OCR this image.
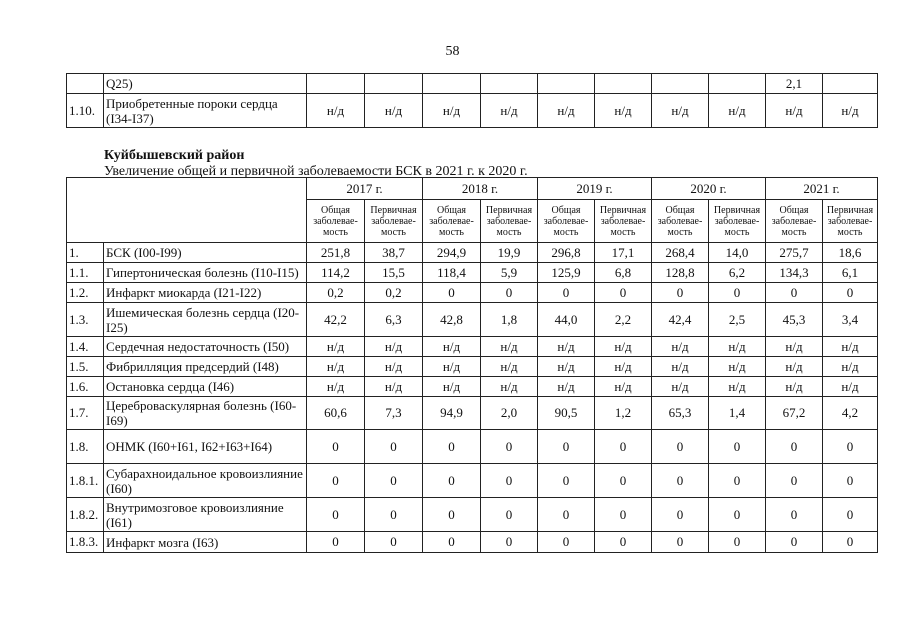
58
	Q25)									2,1	
1.10.	Приобретенные пороки сердца (I34-I37)	н/д	н/д	н/д	н/д	н/д	н/д	н/д	н/д	н/д	н/д
Куйбышевский район
Увеличение общей и первичной заболеваемости БСК в 2021 г. к 2020 г.
		2017 г.		2018 г.		2019 г.		2020 г.		2021 г.	
		Общая заболевае-мость	Первичная заболевае-мость	Общая заболевае-мость	Первичная заболевае-мость	Общая заболевае-мость	Первичная заболевае-мость	Общая заболевае-мость	Первичная заболевае-мость	Общая заболевае-мость	Первичная заболевае-мость
1.	БСК (I00-I99)	251,8	38,7	294,9	19,9	296,8	17,1	268,4	14,0	275,7	18,6
1.1.	Гипертоническая болезнь (I10-I15)	114,2	15,5	118,4	5,9	125,9	6,8	128,8	6,2	134,3	6,1
1.2.	Инфаркт миокарда (I21-I22)	0,2	0,2	0	0	0	0	0	0	0	0
1.3.	Ишемическая болезнь сердца (I20-I25)	42,2	6,3	42,8	1,8	44,0	2,2	42,4	2,5	45,3	3,4
1.4.	Сердечная недостаточность (I50)	н/д	н/д	н/д	н/д	н/д	н/д	н/д	н/д	н/д	н/д
1.5.	Фибрилляция предсердий (I48)	н/д	н/д	н/д	н/д	н/д	н/д	н/д	н/д	н/д	н/д
1.6.	Остановка сердца (I46)	н/д	н/д	н/д	н/д	н/д	н/д	н/д	н/д	н/д	н/д
1.7.	Цереброваскулярная болезнь (I60-I69)	60,6	7,3	94,9	2,0	90,5	1,2	65,3	1,4	67,2	4,2
1.8.	ОНМК (I60+I61, I62+I63+I64)	0	0	0	0	0	0	0	0	0	0
1.8.1.	Субарахноидальное кровоизлияние (I60)	0	0	0	0	0	0	0	0	0	0
1.8.2.	Внутримозговое кровоизлияние (I61)	0	0	0	0	0	0	0	0	0	0
1.8.3.	Инфаркт мозга (I63)	0	0	0	0	0	0	0	0	0	0
